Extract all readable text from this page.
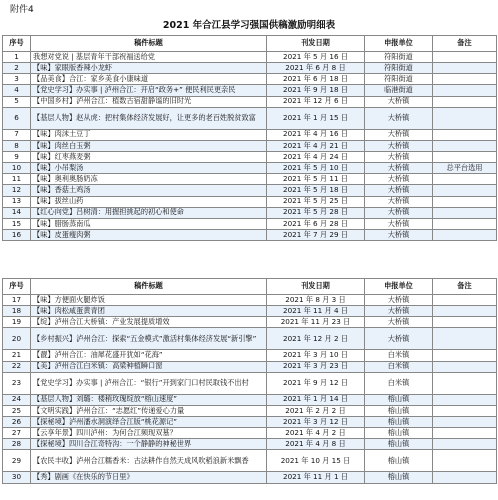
附件4
2021 年合江县学习强国供稿激励明细表
序号	稿件标题	刊发日期	申报单位	备注
1	我想对党说 | 基层青年干部祝福送给党	2021 年 5 月 16 日	符阳街道	
2	【味】家眼版香辣小龙虾	2021 年 6 月 8 日	符阳街道	
3	【品美食】合江：家乡美食小康味道	2021 年 6 月 18 日	符阳街道	
4	【党史学习】办实事 | 泸州合江：开启“政务+” 便民利民更亲民	2021 年 9 月 18 日	临港街道	
5	【中国乡村】泸州合江：植数古宿甜静谧的旧时光	2021 年 12 月 6 日	大桥镇	
6	【基层人物】赵从虎：把村集体经济发展好，让更多的老百姓脱贫致富	2021 年 1 月 15 日	大桥镇	
7	【味】肉沫土豆丁	2021 年 4 月 16 日	大桥镇	
8	【味】肉丝白玉粥	2021 年 4 月 21 日	大桥镇	
9	【味】红枣燕麦粥	2021 年 4 月 24 日	大桥镇	
10	【味】小吊梨汤	2021 年 5 月 10 日	大桥镇	总平台选用
11	【味】奥利奥肠奶冻	2021 年 5 月 11 日	大桥镇	
12	【味】香菇土鸡汤	2021 年 5 月 18 日	大桥镇	
13	【味】拔丝山药	2021 年 5 月 25 日	大桥镇	
14	【红心向党】吕树清：用握担挑起的初心和使命	2021 年 5 月 28 日	大桥镇	
15	【味】腊肠蒸南瓜	2021 年 6 月 28 日	大桥镇	
16	【味】皮蛋瘦肉粥	2021 年 7 月 29 日	大桥镇	
序号	稿件标题	刊发日期	申报单位	备注
17	【味】方便面火腿炸饭	2021 年 8 月 3 日	大桥镇	
18	【味】肉松咸蛋黄青团	2021 年 11 月 4 日	大桥镇	
19	【绽】泸州合江大桥镇：产业发展提质增效	2021 年 11 月 23 日	大桥镇	
20	【乡村振兴】泸州合江：探索“五金模式”激活村集体经济发展“新引擎”	2021 年 12 月 2 日	大桥镇	
21	【靓】泸州合江：油犀花盛开犹如“花海”	2021 年 3 月 10 日	白米镇	
22	【美】泸州合江白米镇：高梁种植瞬口窗	2021 年 3 月 23 日	白米镇	
23	【党史学习】办实事 | 泸州合江：“银行”开到家门口村民取钱不出村	2021 年 9 月 12 日	白米镇	
24	【基层人物】刘璐：楼稍玫瑰绽放“榕山速度”	2021 年 1 月 14 日	榕山镇	
25	【文明实践】泸州合江：“志愿红”传递爱心力量	2021 年 2 月 2 日	榕山镇	
26	【探秘境】泸州潘水洞演绎合江版“桃花源记”	2021 年 3 月 12 日	榕山镇	
27	【云享年景】四川泸州：为何合江频现双墓？	2021 年 4 月 2 日	榕山镇	
28	【探秘境】四川合江奇特沟：一个静静的神秘世界	2021 年 4 月 8 日	榕山镇	
29	【农民丰收】泸州合江糯香米：古法耕作自然天成风吹稻浪新米飘香	2021 年 10 月 15 日	榕山镇	
30	【秀】剧画《在快乐的节日里》	2021 年 11 月 1 日	榕山镇	
